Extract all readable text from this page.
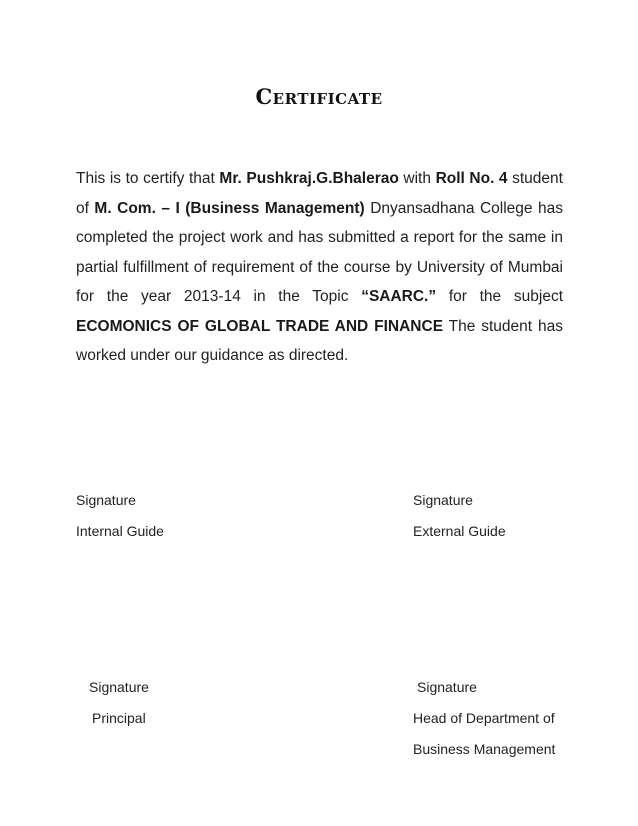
Certificate
This is to certify that Mr. Pushkraj.G.Bhalerao with Roll No. 4 student of M. Com. – I (Business Management) Dnyansadhana College has completed the project work and has submitted a report for the same in partial fulfillment of requirement of the course by University of Mumbai for the year 2013-14 in the Topic “SAARC.” for the subject ECOMONICS OF GLOBAL TRADE AND FINANCE The student has worked under our guidance as directed.
Signature
Internal Guide
Signature
External Guide
Signature
Principal
Signature
Head of Department of
Business Management
